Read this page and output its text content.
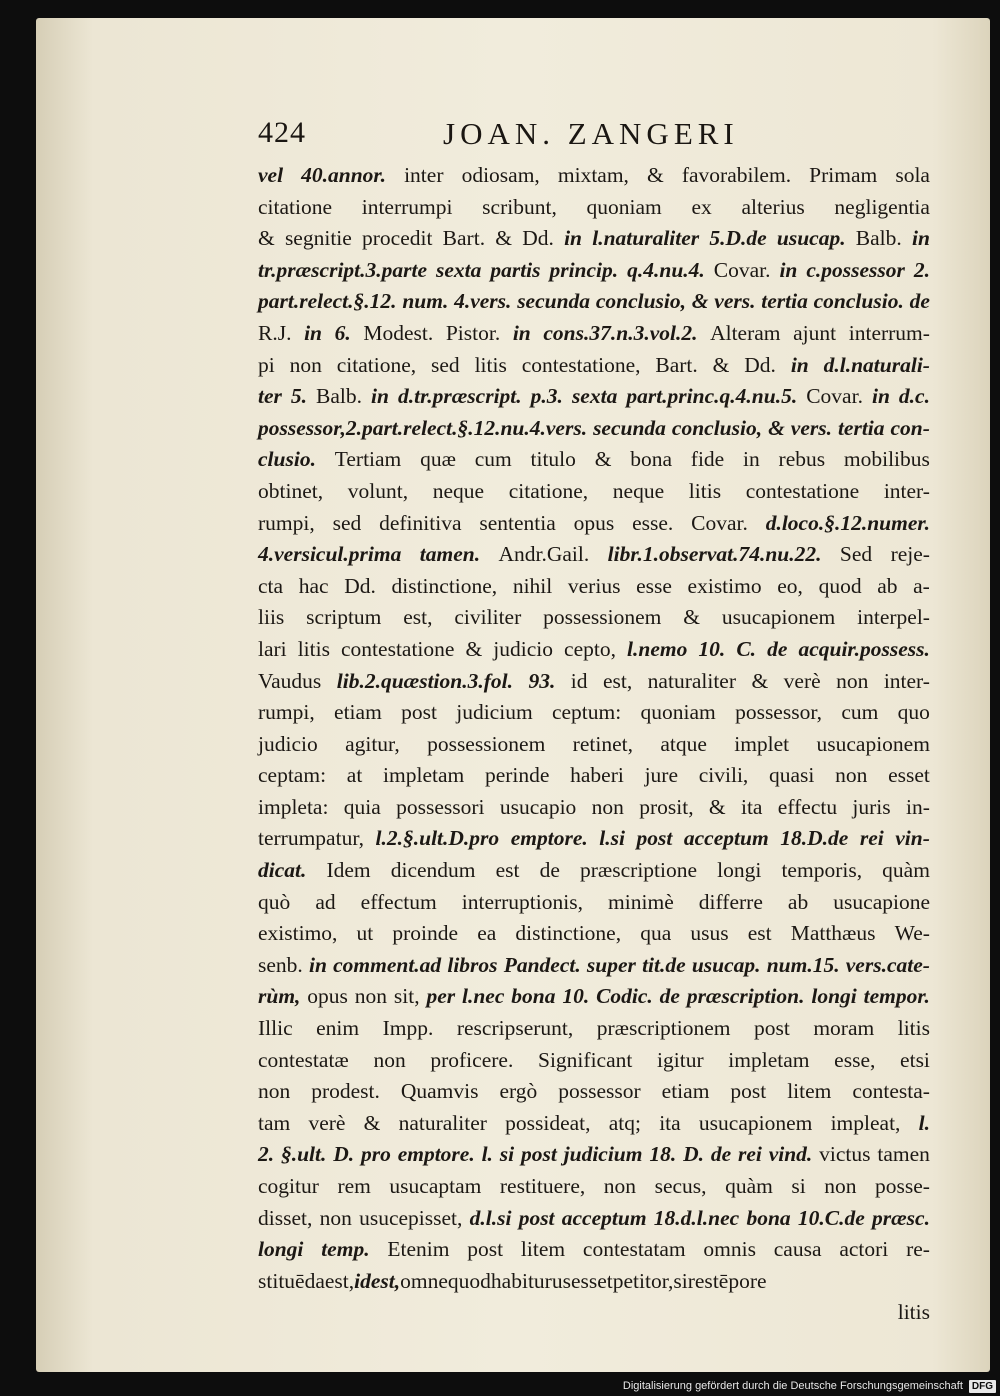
424	JOAN. ZANGERI
vel 40.annor. inter odiosam, mixtam, & favorabilem. Primam sola
citatione interrumpi scribunt, quoniam ex alterius negligentia
& segnitie procedit Bart. & Dd. in l.naturaliter 5.D.de usucap. Balb. in
tr.præscript.3.parte sexta partis princip. q.4.nu.4. Covar. in c.possessor 2.
part.relect.§.12. num. 4.vers. secunda conclusio, & vers. tertia conclusio. de
R.J. in 6. Modest. Pistor. in cons.37.n.3.vol.2. Alteram ajunt interrum-
pi non citatione, sed litis contestatione, Bart. & Dd. in d.l.naturali-
ter 5. Balb. in d.tr.præscript. p.3. sexta part.princ.q.4.nu.5. Covar. in d.c.
possessor,2.part.relect.§.12.nu.4.vers. secunda conclusio, & vers. tertia con-
clusio. Tertiam quæ cum titulo & bona fide in rebus mobilibus
obtinet, volunt, neque citatione, neque litis contestatione inter-
rumpi, sed definitiva sententia opus esse. Covar. d.loco.§.12.numer.
4.versicul.prima tamen. Andr.Gail. libr.1.observat.74.nu.22. Sed reje-
cta hac Dd. distinctione, nihil verius esse existimo eo, quod ab a-
liis scriptum est, civiliter possessionem & usucapionem interpel-
lari litis contestatione & judicio cepto, l.nemo 10. C. de acquir.possess.
Vaudus lib.2.quæstion.3.fol. 93. id est, naturaliter & verè non inter-
rumpi, etiam post judicium ceptum: quoniam possessor, cum quo
judicio agitur, possessionem retinet, atque implet usucapionem
ceptam: at impletam perinde haberi jure civili, quasi non esset
impleta: quia possessori usucapio non prosit, & ita effectu juris in-
terrumpatur, l.2.§.ult.D.pro emptore. l.si post acceptum 18.D.de rei vin-
dicat. Idem dicendum est de præscriptione longi temporis, quàm
quò ad effectum interruptionis, minimè differre ab usucapione
existimo, ut proinde ea distinctione, qua usus est Matthæus We-
senb. in comment.ad libros Pandect. super tit.de usucap. num.15. vers.cate-
rùm, opus non sit, per l.nec bona 10. Codic. de præscription. longi tempor.
Illic enim Impp. rescripserunt, præscriptionem post moram litis
contestatæ non proficere. Significant igitur impletam esse, etsi
non prodest. Quamvis ergò possessor etiam post litem contesta-
tam verè & naturaliter possideat, atq; ita usucapionem impleat, l.
2. §.ult. D. pro emptore. l. si post judicium 18. D. de rei vind. victus tamen
cogitur rem usucaptam restituere, non secus, quàm si non posse-
disset, non usucepisset, d.l.si post acceptum 18.d.l.nec bona 10.C.de præsc.
longi temp. Etenim post litem contestatam omnis causa actori re-
stituēda est, id est, omne quod habiturus esset petitor, si res tēpore
litis
Digitalisierung gefördert durch die Deutsche Forschungsgemeinschaft DFG
